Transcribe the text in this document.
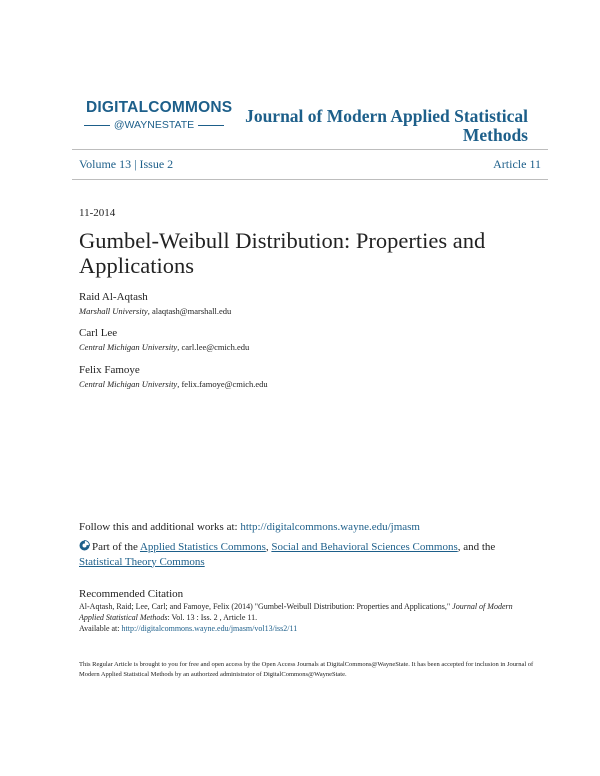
DIGITALCOMMONS
@WAYNESTATE	Journal of Modern Applied Statistical Methods
Volume 13 | Issue 2	Article 11
11-2014
Gumbel-Weibull Distribution: Properties and Applications
Raid Al-Aqtash
Marshall University, alaqtash@marshall.edu
Carl Lee
Central Michigan University, carl.lee@cmich.edu
Felix Famoye
Central Michigan University, felix.famoye@cmich.edu
Follow this and additional works at: http://digitalcommons.wayne.edu/jmasm
Part of the Applied Statistics Commons, Social and Behavioral Sciences Commons, and the Statistical Theory Commons
Recommended Citation
Al-Aqtash, Raid; Lee, Carl; and Famoye, Felix (2014) "Gumbel-Weibull Distribution: Properties and Applications," Journal of Modern Applied Statistical Methods: Vol. 13 : Iss. 2 , Article 11.
Available at: http://digitalcommons.wayne.edu/jmasm/vol13/iss2/11
This Regular Article is brought to you for free and open access by the Open Access Journals at DigitalCommons@WayneState. It has been accepted for inclusion in Journal of Modern Applied Statistical Methods by an authorized administrator of DigitalCommons@WayneState.
